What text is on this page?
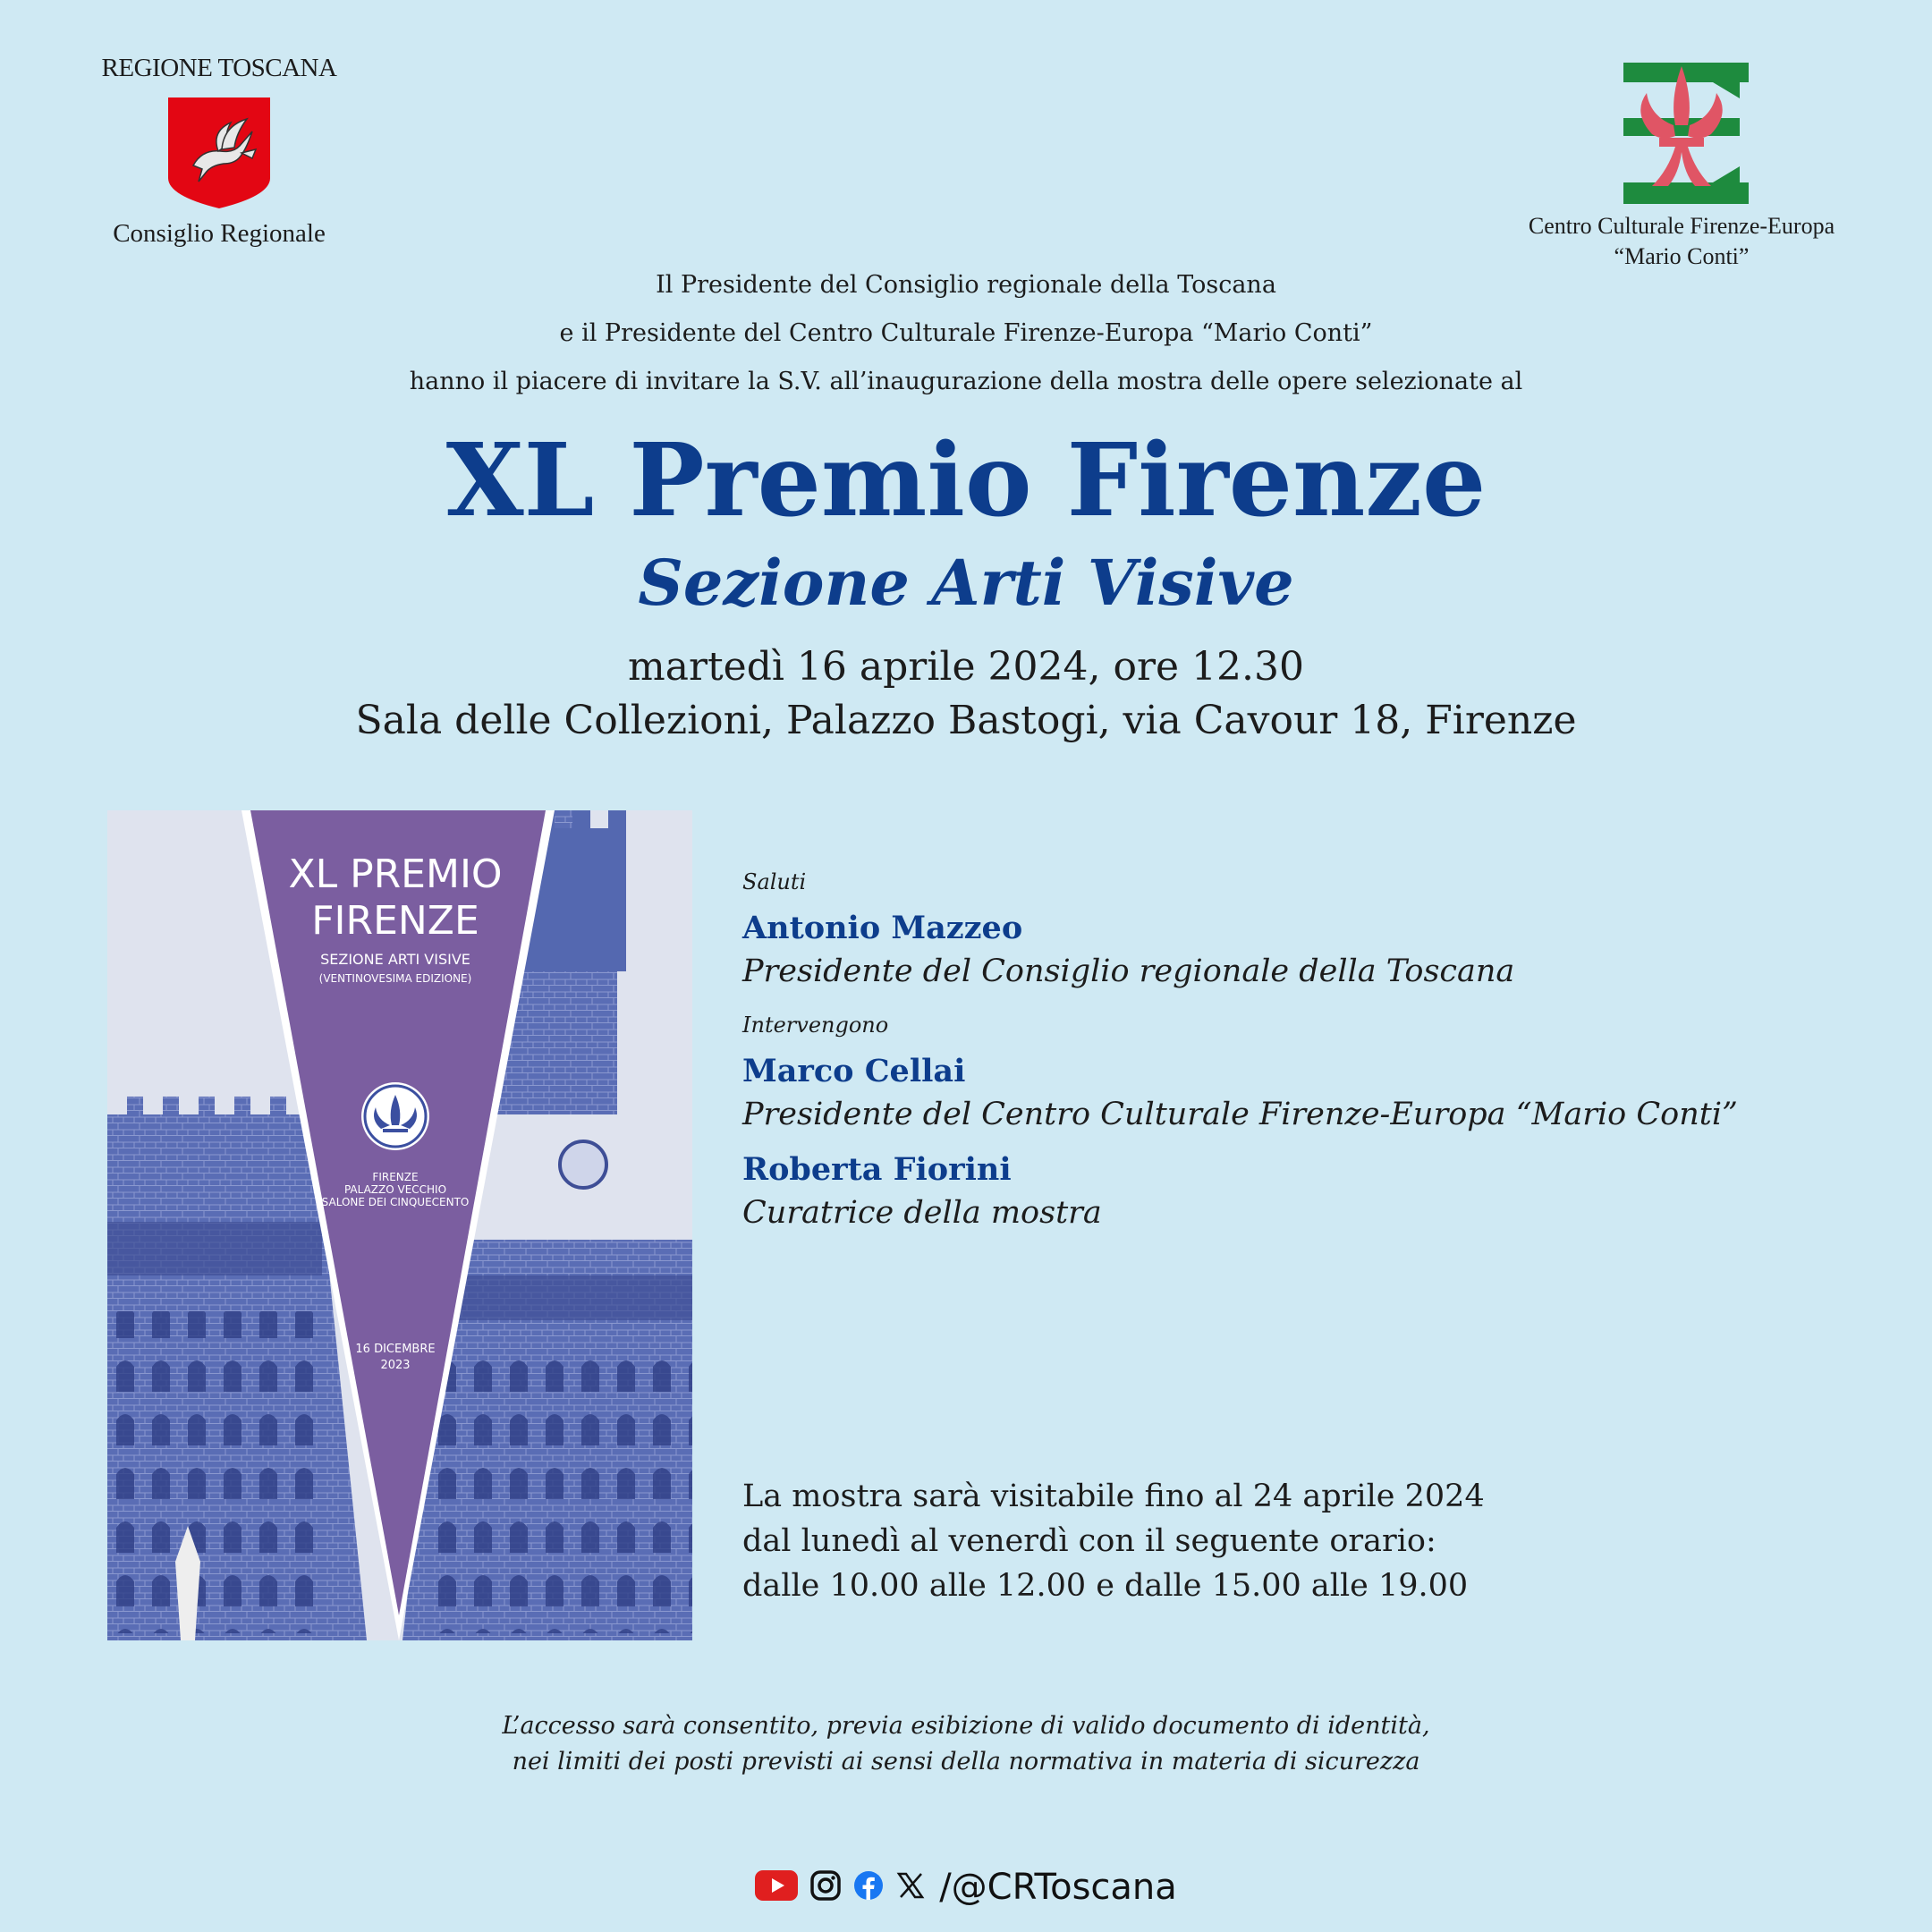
REGIONE TOSCANA
Consiglio Regionale	Centro Culturale Firenze-Europa
“Mario Conti”
Il Presidente del Consiglio regionale della Toscana
e il Presidente del Centro Culturale Firenze-Europa “Mario Conti”
hanno il piacere di invitare la S.V. all’inaugurazione della mostra delle opere selezionate al
XL Premio Firenze
Sezione Arti Visive
martedì 16 aprile 2024, ore 12.30
Sala delle Collezioni, Palazzo Bastogi, via Cavour 18, Firenze
XL PREMIO
FIRENZE
SEZIONE ARTI VISIVE
(VENTINOVESIMA EDIZIONE)
FIRENZE
PALAZZO VECCHIO
SALONE DEI CINQUECENTO
16 DICEMBRE
2023

Saluti

Antonio Mazzeo

Presidente del Consiglio regionale della Toscana

Intervengono

Marco Cellai

Presidente del Centro Culturale Firenze-Europa “Mario Conti”

Roberta Fiorini

Curatrice della mostra

La mostra sarà visitabile fino al 24 aprile 2024
dal lunedì al venerdì con il seguente orario:
dalle 10.00 alle 12.00 e dalle 15.00 alle 19.00
L’accesso sarà consentito, previa esibizione di valido documento di identità,
nei limiti dei posti previsti ai sensi della normativa in materia di sicurezza
/@CRToscana
